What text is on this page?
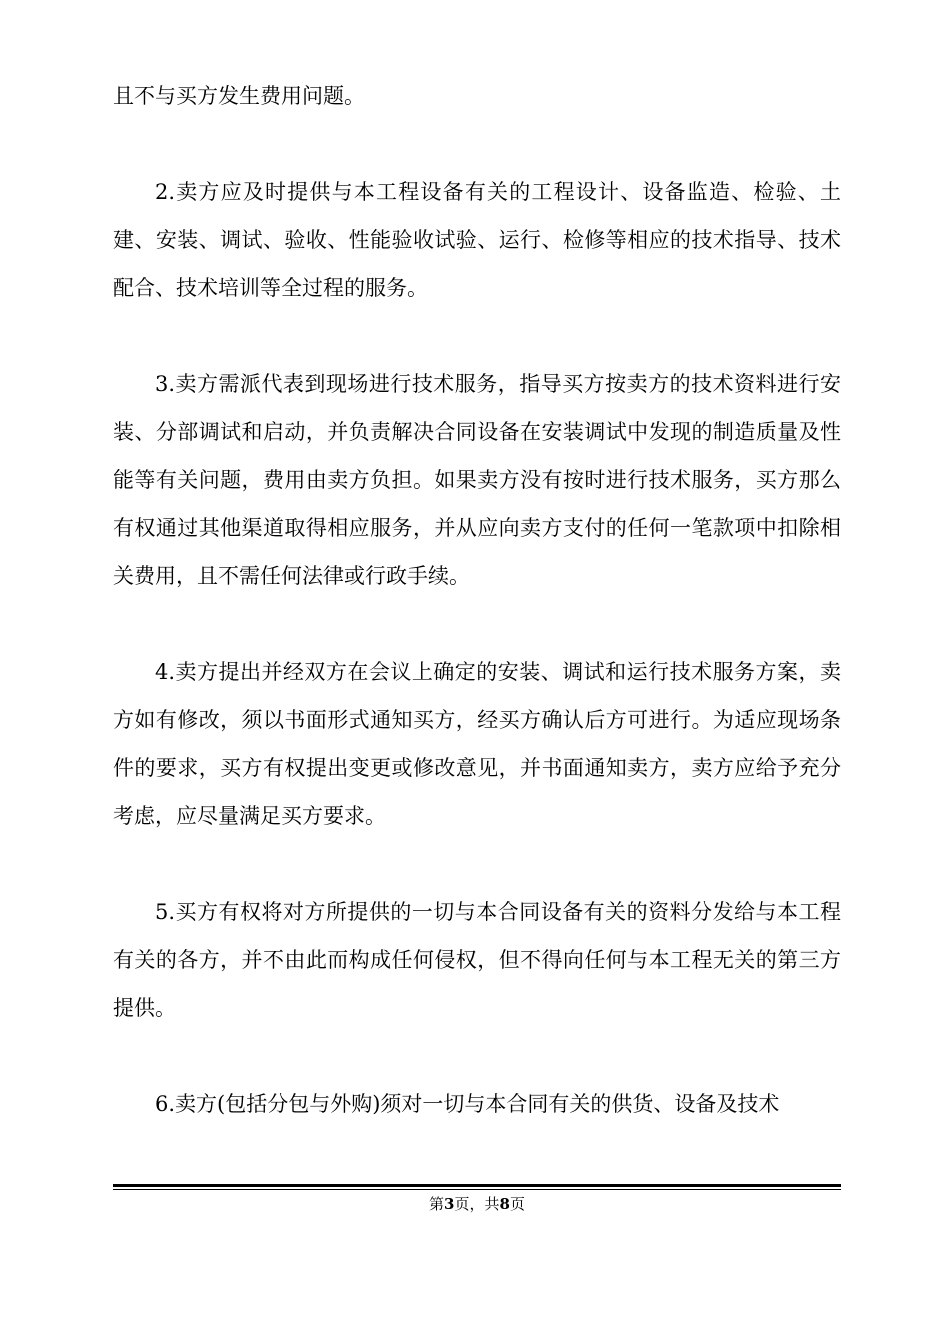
且不与买方发生费用问题。

2.卖方应及时提供与本工程设备有关的工程设计、设备监造、检验、土建、安装、调试、验收、性能验收试验、运行、检修等相应的技术指导、技术配合、技术培训等全过程的服务。

3.卖方需派代表到现场进行技术服务，指导买方按卖方的技术资料进行安装、分部调试和启动，并负责解决合同设备在安装调试中发现的制造质量及性能等有关问题，费用由卖方负担。如果卖方没有按时进行技术服务，买方那么有权通过其他渠道取得相应服务，并从应向卖方支付的任何一笔款项中扣除相关费用，且不需任何法律或行政手续。

4.卖方提出并经双方在会议上确定的安装、调试和运行技术服务方案，卖方如有修改，须以书面形式通知买方，经买方确认后方可进行。为适应现场条件的要求，买方有权提出变更或修改意见，并书面通知卖方，卖方应给予充分考虑，应尽量满足买方要求。

5.买方有权将对方所提供的一切与本合同设备有关的资料分发给与本工程有关的各方，并不由此而构成任何侵权，但不得向任何与本工程无关的第三方提供。

6.卖方(包括分包与外购)须对一切与本合同有关的供货、设备及技术

第3页，共8页
